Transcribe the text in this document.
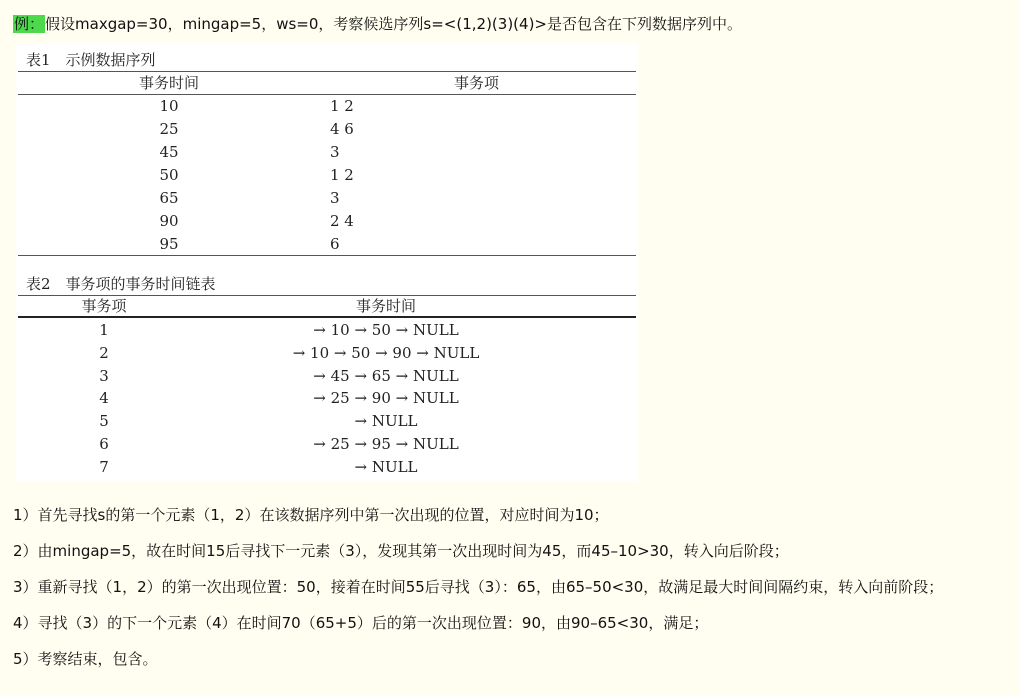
例：假设maxgap=30，mingap=5，ws=0，考察候选序列s=<(1,2)(3)(4)>是否包含在下列数据序列中。
表1　示例数据序列
事务时间	事务项
10	1 2
25	4 6
45	3
50	1 2
65	3
90	2 4
95	6
表2　事务项的事务时间链表
事务项	事务时间
1	→ 10 → 50 → NULL
2	→ 10 → 50 → 90 → NULL
3	→ 45 → 65 → NULL
4	→ 25 → 90 → NULL
5	→ NULL
6	→ 25 → 95 → NULL
7	→ NULL
1）首先寻找s的第一个元素（1，2）在该数据序列中第一次出现的位置，对应时间为10；
2）由mingap=5，故在时间15后寻找下一元素（3），发现其第一次出现时间为45，而45–10>30，转入向后阶段；
3）重新寻找（1，2）的第一次出现位置：50，接着在时间55后寻找（3）：65，由65–50<30，故满足最大时间间隔约束，转入向前阶段；
4）寻找（3）的下一个元素（4）在时间70（65+5）后的第一次出现位置：90，由90–65<30，满足；
5）考察结束，包含。
